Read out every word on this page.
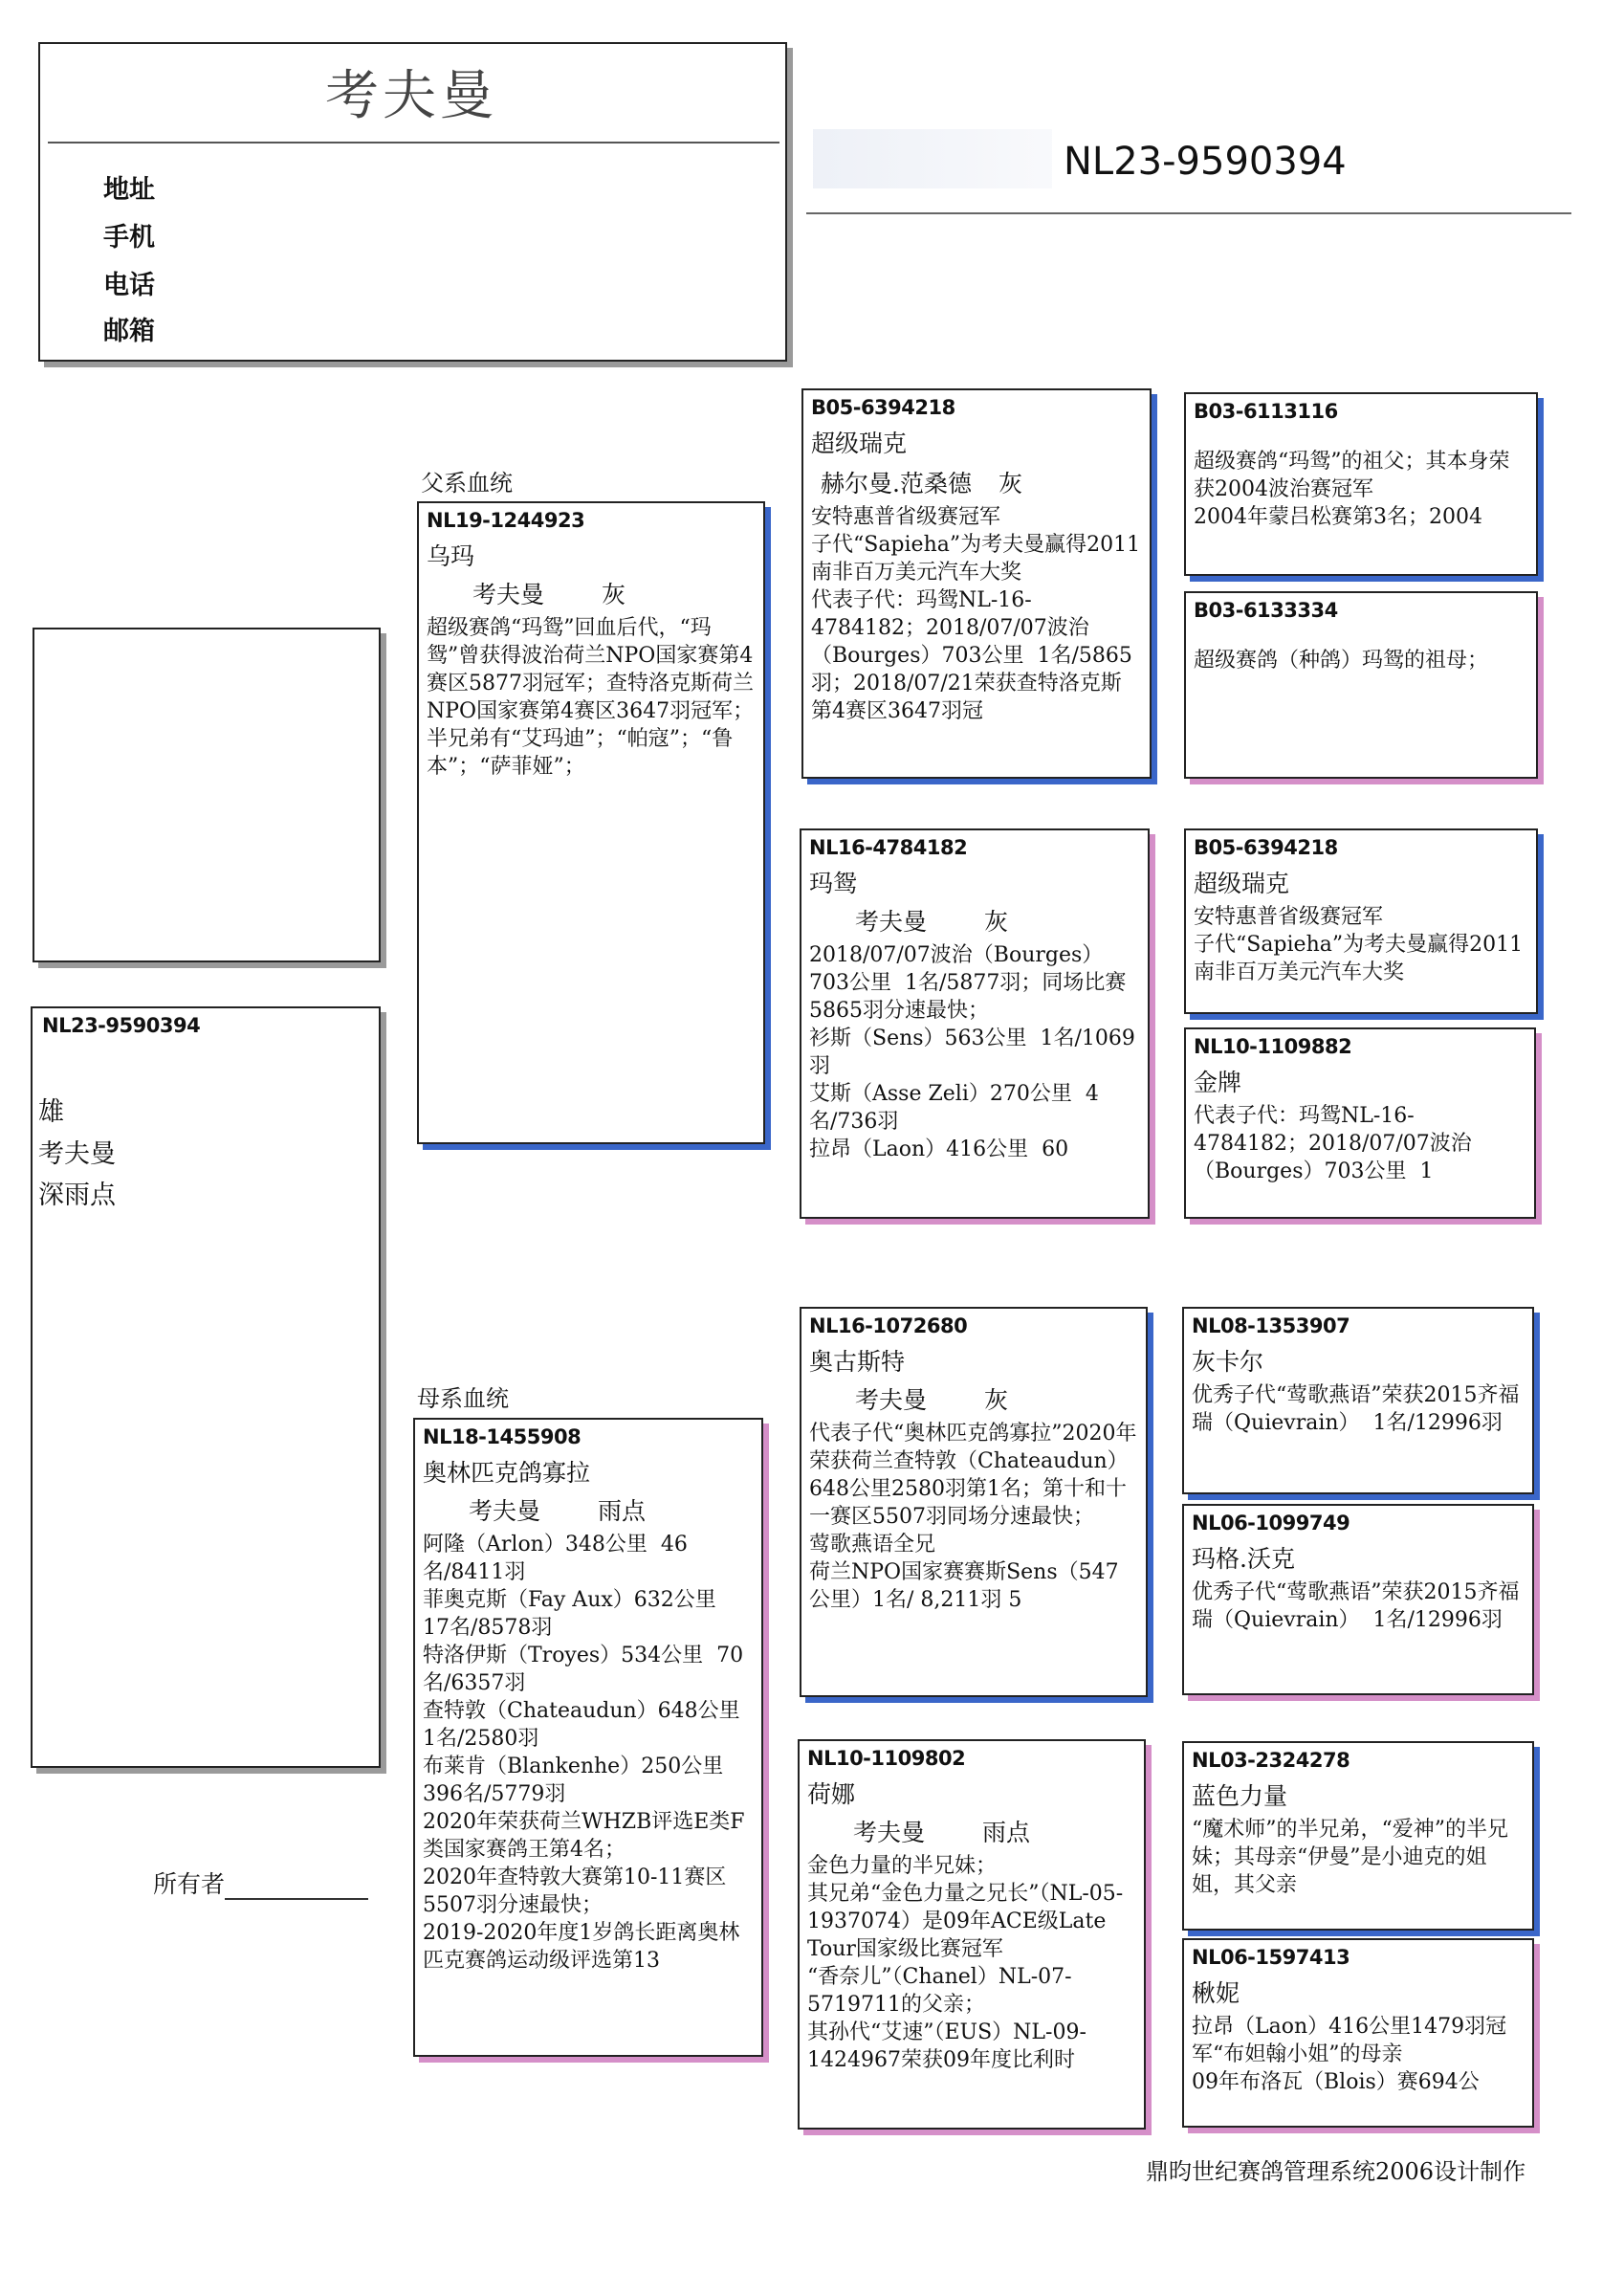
考夫曼
地址
手机
电话
邮箱
NL23-9590394
NL23-9590394
雄
考夫曼
深雨点
父系血统
母系血统
NL19-1244923
乌玛
考夫曼 灰
超级赛鸽“玛鸳”回血后代，“玛鸳”曾获得波治荷兰NPO国家赛第4赛区5877羽冠军；查特洛克斯荷兰NPO国家赛第4赛区3647羽冠军；
半兄弟有“艾玛迪”；“帕寇”；“鲁本”；“萨菲娅”；
NL18-1455908
奥林匹克鸽寡拉
考夫曼 雨点
阿隆（Arlon）348公里  46名/8411羽
菲奥克斯（Fay Aux）632公里  17名/8578羽
特洛伊斯（Troyes）534公里  70名/6357羽
查特敦（Chateaudun）648公里  1名/2580羽
布莱肯（Blankenhe）250公里  396名/5779羽
2020年荣获荷兰WHZB评选E类F类国家赛鸽王第4名；
2020年查特敦大赛第10-11赛区5507羽分速最快；
2019-2020年度1岁鸽长距离奥林匹克赛鸽运动级评选第13
B05-6394218
超级瑞克
赫尔曼.范桑德 灰
安特惠普省级赛冠军
子代“Sapieha”为考夫曼赢得2011南非百万美元汽车大奖
代表子代：玛鸳NL-16-4784182；2018/07/07波治（Bourges）703公里  1名/5865羽；2018/07/21荣获查特洛克斯第4赛区3647羽冠
NL16-4784182
玛鸳
考夫曼 灰
2018/07/07波治（Bourges）703公里  1名/5877羽；同场比赛5865羽分速最快；
衫斯（Sens）563公里  1名/1069羽
艾斯（Asse Zeli）270公里  4名/736羽
拉昂（Laon）416公里  60
NL16-1072680
奥古斯特
考夫曼 灰
代表子代“奥林匹克鸽寡拉”2020年荣获荷兰查特敦（Chateaudun）648公里2580羽第1名；第十和十一赛区5507羽同场分速最快；
莺歌燕语全兄
荷兰NPO国家赛赛斯Sens（547 公里）1名/ 8,211羽 5
NL10-1109802
荷娜
考夫曼 雨点
金色力量的半兄妹；
其兄弟“金色力量之兄长”（NL-05-1937074）是09年ACE级Late Tour国家级比赛冠军
“香奈儿”（Chanel）NL-07-5719711的父亲；
其孙代“艾速”（EUS）NL-09-1424967荣获09年度比利时
B03-6113116
超级赛鸽“玛鸳”的祖父；其本身荣获2004波治赛冠军
2004年蒙吕松赛第3名；2004
B03-6133334
超级赛鸽（种鸽）玛鸳的祖母；
B05-6394218
超级瑞克
安特惠普省级赛冠军
子代“Sapieha”为考夫曼赢得2011南非百万美元汽车大奖
NL10-1109882
金牌
代表子代：玛鸳NL-16-4784182；2018/07/07波治（Bourges）703公里  1
NL08-1353907
灰卡尔
优秀子代“莺歌燕语”荣获2015齐福瑞（Quievrain）  1名/12996羽
NL06-1099749
玛格.沃克
优秀子代“莺歌燕语”荣获2015齐福瑞（Quievrain）  1名/12996羽
NL03-2324278
蓝色力量
“魔术师”的半兄弟，“爱神”的半兄妹；其母亲“伊曼”是小迪克的姐姐，其父亲
NL06-1597413
楸妮
拉昂（Laon）416公里1479羽冠军“布妲翰小姐”的母亲
09年布洛瓦（Blois）赛694公
所有者
鼎昀世纪赛鸽管理系统2006设计制作
